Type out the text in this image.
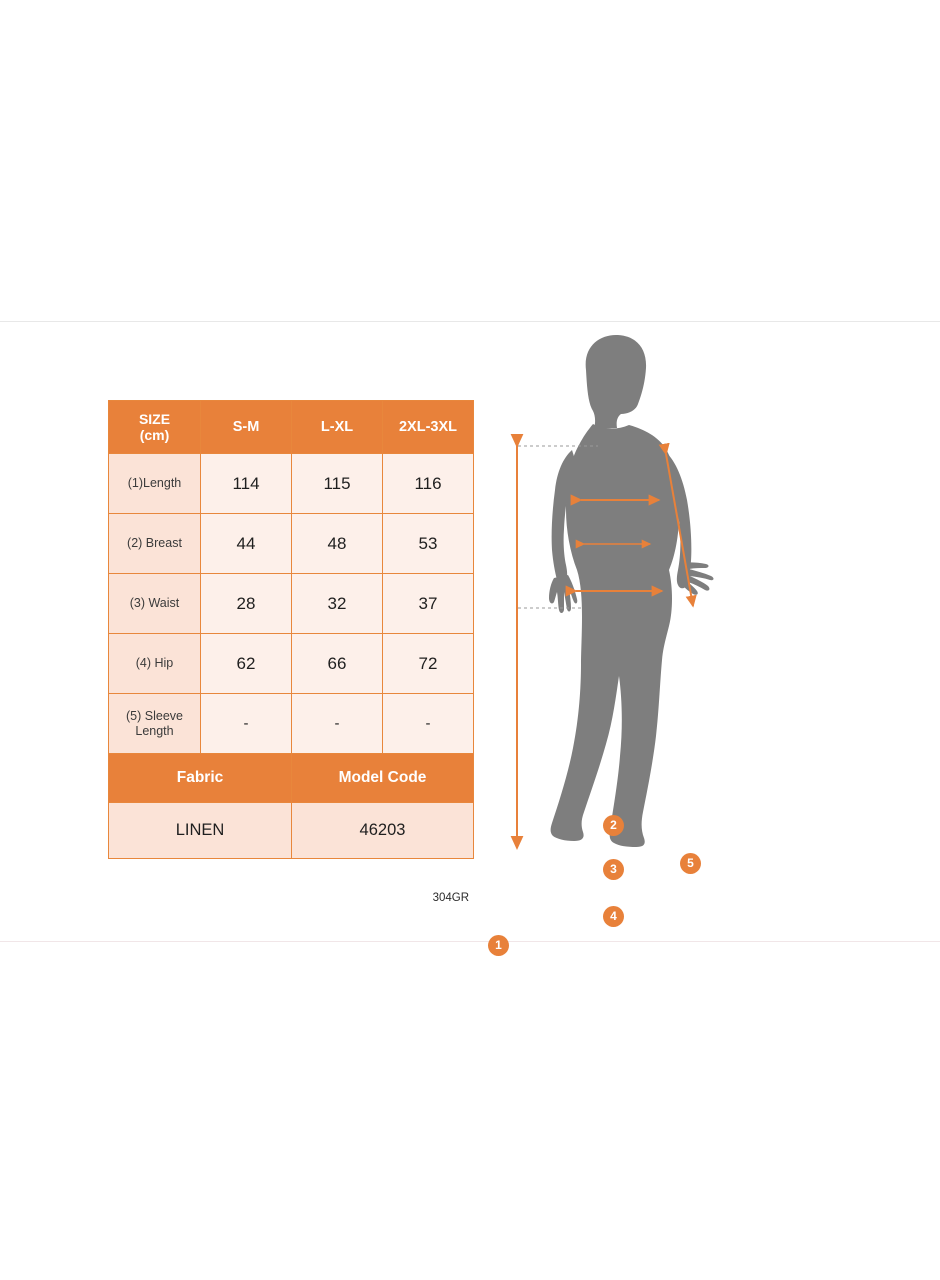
SIZE
(cm)	S-M	L-XL	2XL-3XL
(1)Length	114	115	116
(2) Breast	44	48	53
(3) Waist	28	32	37
(4) Hip	62	66	72
(5) Sleeve
Length	-	-	-
Fabric		Model Code	
LINEN		46203	
304GR
1
2
3
4
5
